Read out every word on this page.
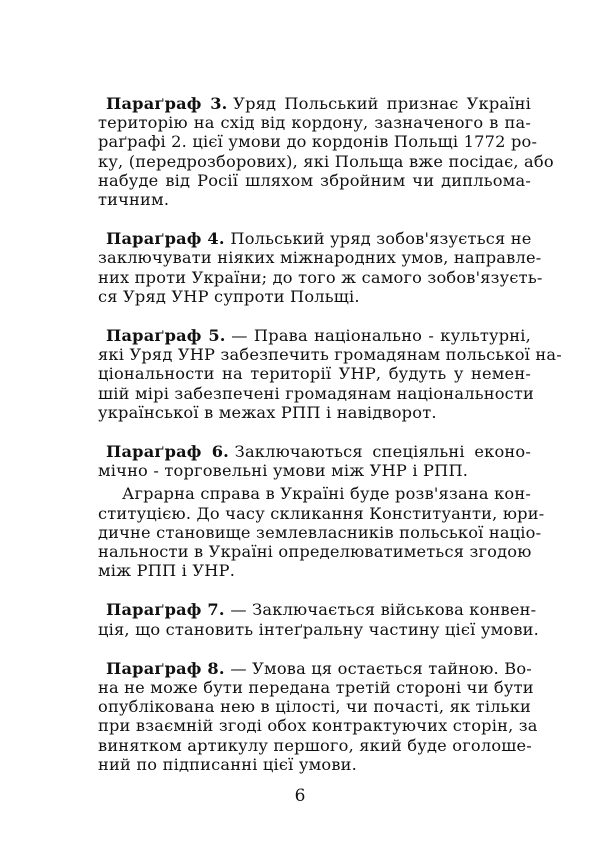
Параґраф 3. Уряд Польський признає Україні
територію на схід від кордону, зазначеного в па-
раґрафі 2. цієї умови до кордонів Польщі 1772 ро-
ку, (передрозборових), які Польща вже посідає, або
набуде від Росії шляхом збройним чи дипльома-
тичним.
Параґраф 4. Польський уряд зобов'язується не
заключувати ніяких міжнародних умов, направле-
них проти України; до того ж самого зобов'язуєть-
ся Уряд УНР супроти Польщі.
Параґраф 5. — Права національно - культурні,
які Уряд УНР забезпечить громадянам польської на-
ціональности на території УНР, будуть у немен-
шій мірі забезпечені громадянам національности
української в межах РПП і навідворот.
Параґраф 6. Заключаються спеціяльні еконо-
мічно - торговельні умови між УНР і РПП.
Аграрна справа в Україні буде розв'язана кон-
ституцією. До часу скликання Конституанти, юри-
дичне становище землевласників польської націо-
нальности в Україні определюватиметься згодою
між РПП і УНР.
Параґраф 7. — Заключається військова конвен-
ція, що становить інтеґральну частину цієї умови.
Параґраф 8. — Умова ця остається тайною. Во-
на не може бути передана третій стороні чи бути
опублікована нею в цілості, чи почасті, як тільки
при взаємній згоді обох контрактуючих сторін, за
винятком артикулу першого, який буде оголоше-
ний по підписанні цієї умови.
6
